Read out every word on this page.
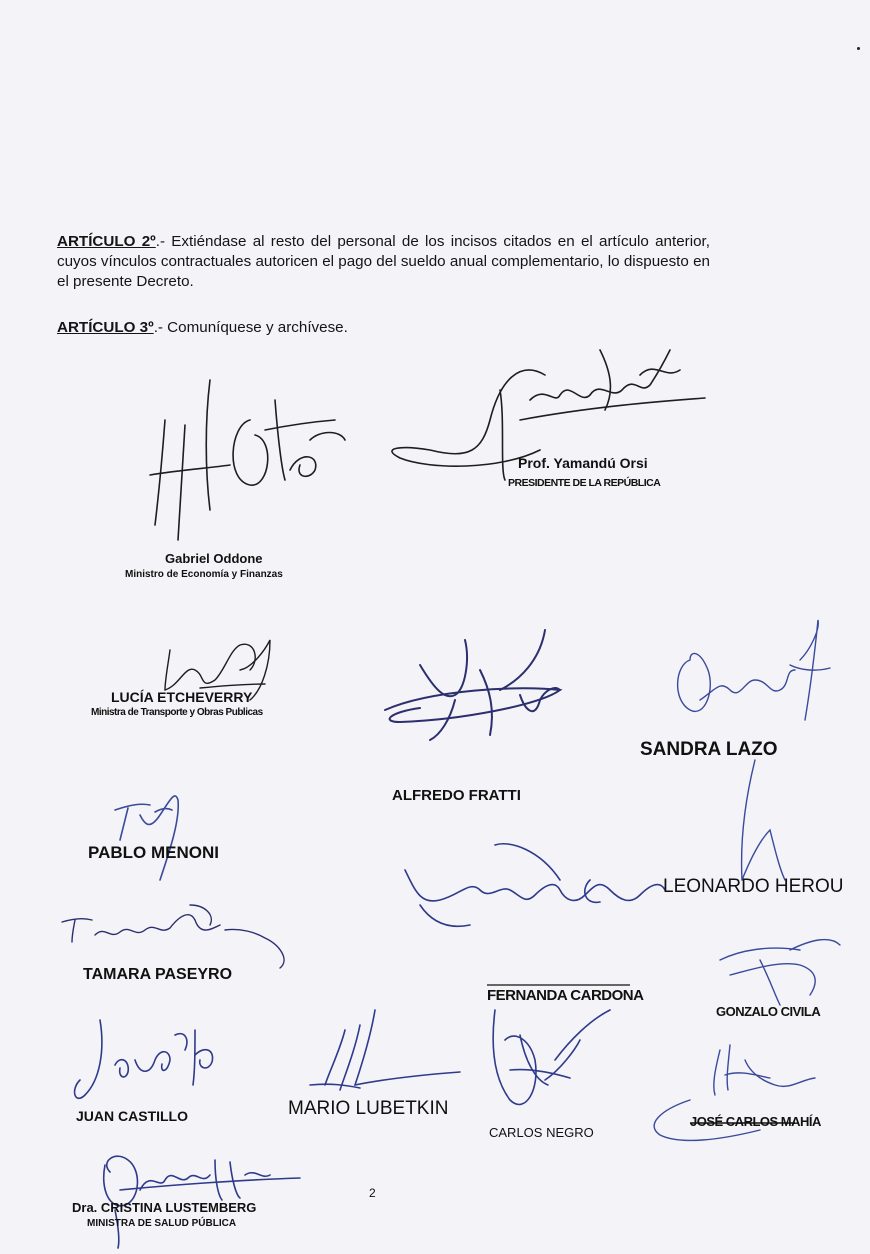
ARTÍCULO 2º.- Extiéndase al resto del personal de los incisos citados en el artículo anterior, cuyos vínculos contractuales autoricen el pago del sueldo anual complementario, lo dispuesto en el presente Decreto.
ARTÍCULO 3º.- Comuníquese y archívese.
Prof. Yamandú Orsi
PRESIDENTE DE LA REPÚBLICA
Gabriel Oddone
Ministro de Economía y Finanzas
LUCÍA ETCHEVERRY
Ministra de Transporte y Obras Publicas
ALFREDO FRATTI
SANDRA LAZO
PABLO MENONI
LEONARDO HEROU
TAMARA PASEYRO
FERNANDA CARDONA
GONZALO CIVILA
JUAN CASTILLO	MARIO LUBETKIN
CARLOS NEGRO
JOSÉ CARLOS MAHÍA
Dra. CRISTINA LUSTEMBERG
MINISTRA DE SALUD PÚBLICA
2
